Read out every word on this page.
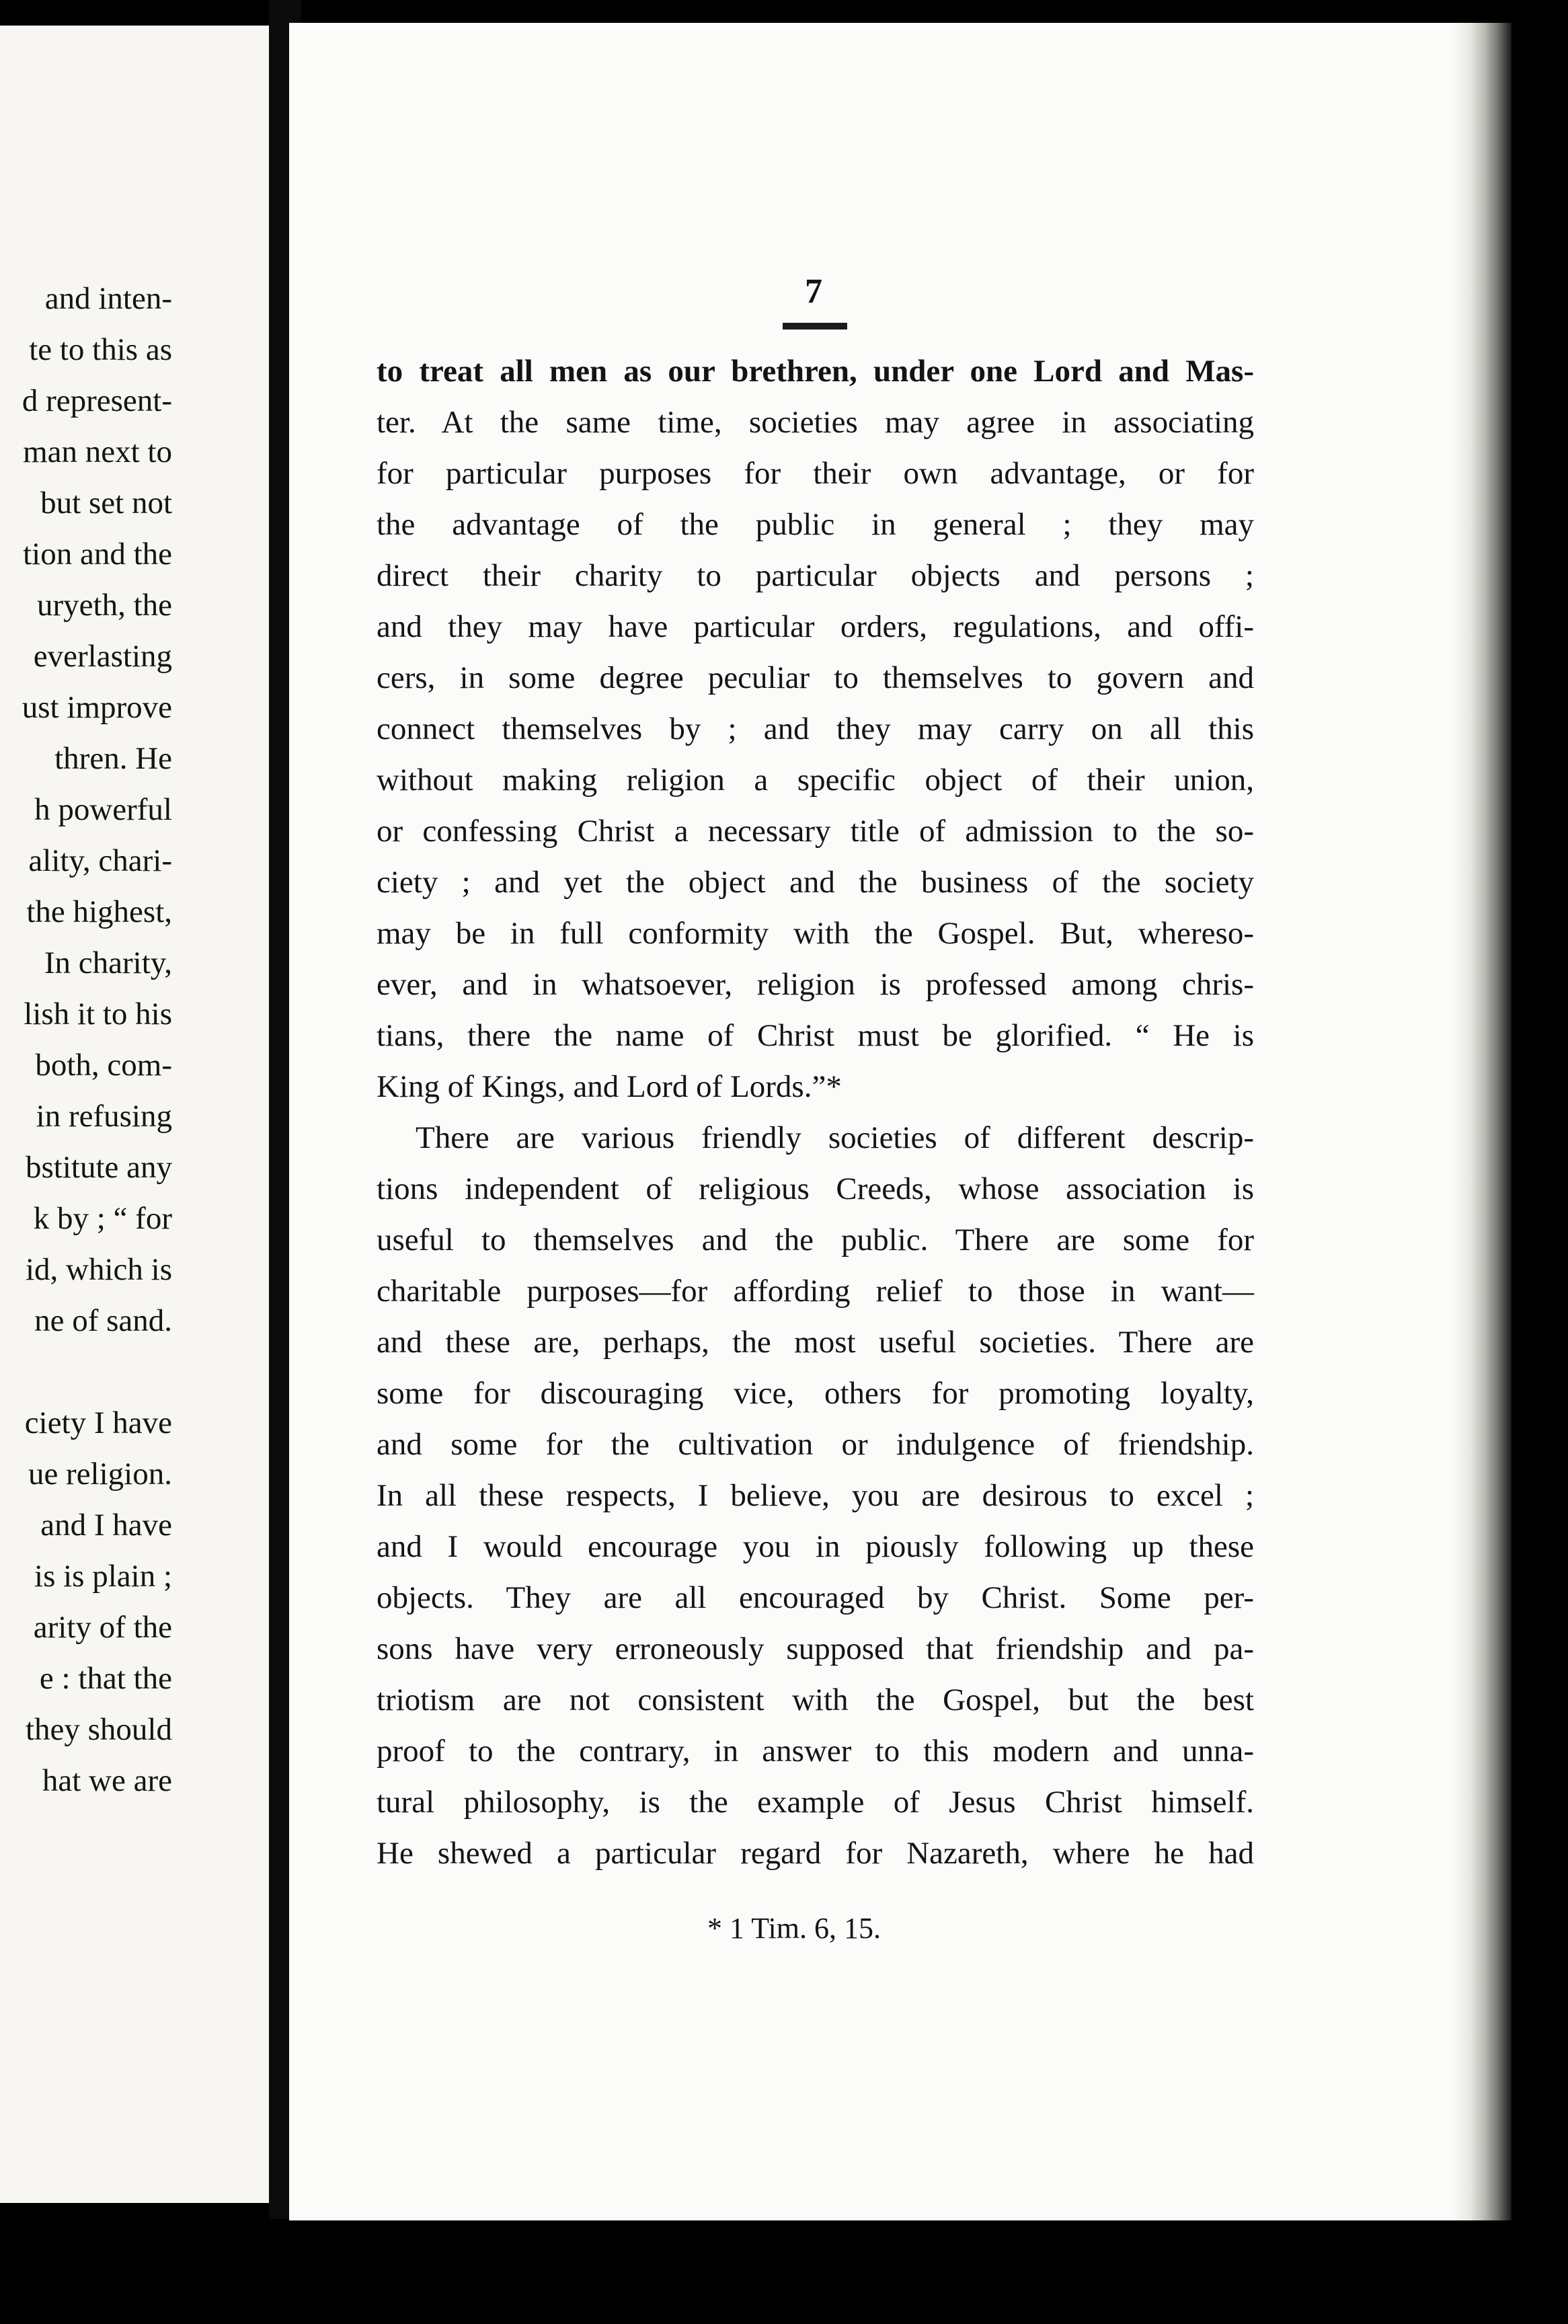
and inten-
te to this as
d represent-
man next to
but set not
tion and the
uryeth, the
everlasting
ust improve
thren. He
h powerful
ality, chari-
the highest,
In charity,
lish it to his
both, com-
in refusing
bstitute any
k by ; “ for
id, which is
ne of sand.
ciety I have
ue religion.
and I have
is is plain ;
arity of the
e : that the
they should
hat we are
7
to treat all men as our brethren, under one Lord and Mas-
ter. At the same time, societies may agree in associating
for particular purposes for their own advantage, or for
the advantage of the public in general ; they may
direct their charity to particular objects and persons ;
and they may have particular orders, regulations, and offi-
cers, in some degree peculiar to themselves to govern and
connect themselves by ; and they may carry on all this
without making religion a specific object of their union,
or confessing Christ a necessary title of admission to the so-
ciety ; and yet the object and the business of the society
may be in full conformity with the Gospel. But, whereso-
ever, and in whatsoever, religion is professed among chris-
tians, there the name of Christ must be glorified. “ He is
King of Kings, and Lord of Lords.”*
There are various friendly societies of different descrip-
tions independent of religious Creeds, whose association is
useful to themselves and the public. There are some for
charitable purposes—for affording relief to those in want—
and these are, perhaps, the most useful societies. There are
some for discouraging vice, others for promoting loyalty,
and some for the cultivation or indulgence of friendship.
In all these respects, I believe, you are desirous to excel ;
and I would encourage you in piously following up these
objects. They are all encouraged by Christ. Some per-
sons have very erroneously supposed that friendship and pa-
triotism are not consistent with the Gospel, but the best
proof to the contrary, in answer to this modern and unna-
tural philosophy, is the example of Jesus Christ himself.
He shewed a particular regard for Nazareth, where he had
* 1 Tim. 6, 15.
